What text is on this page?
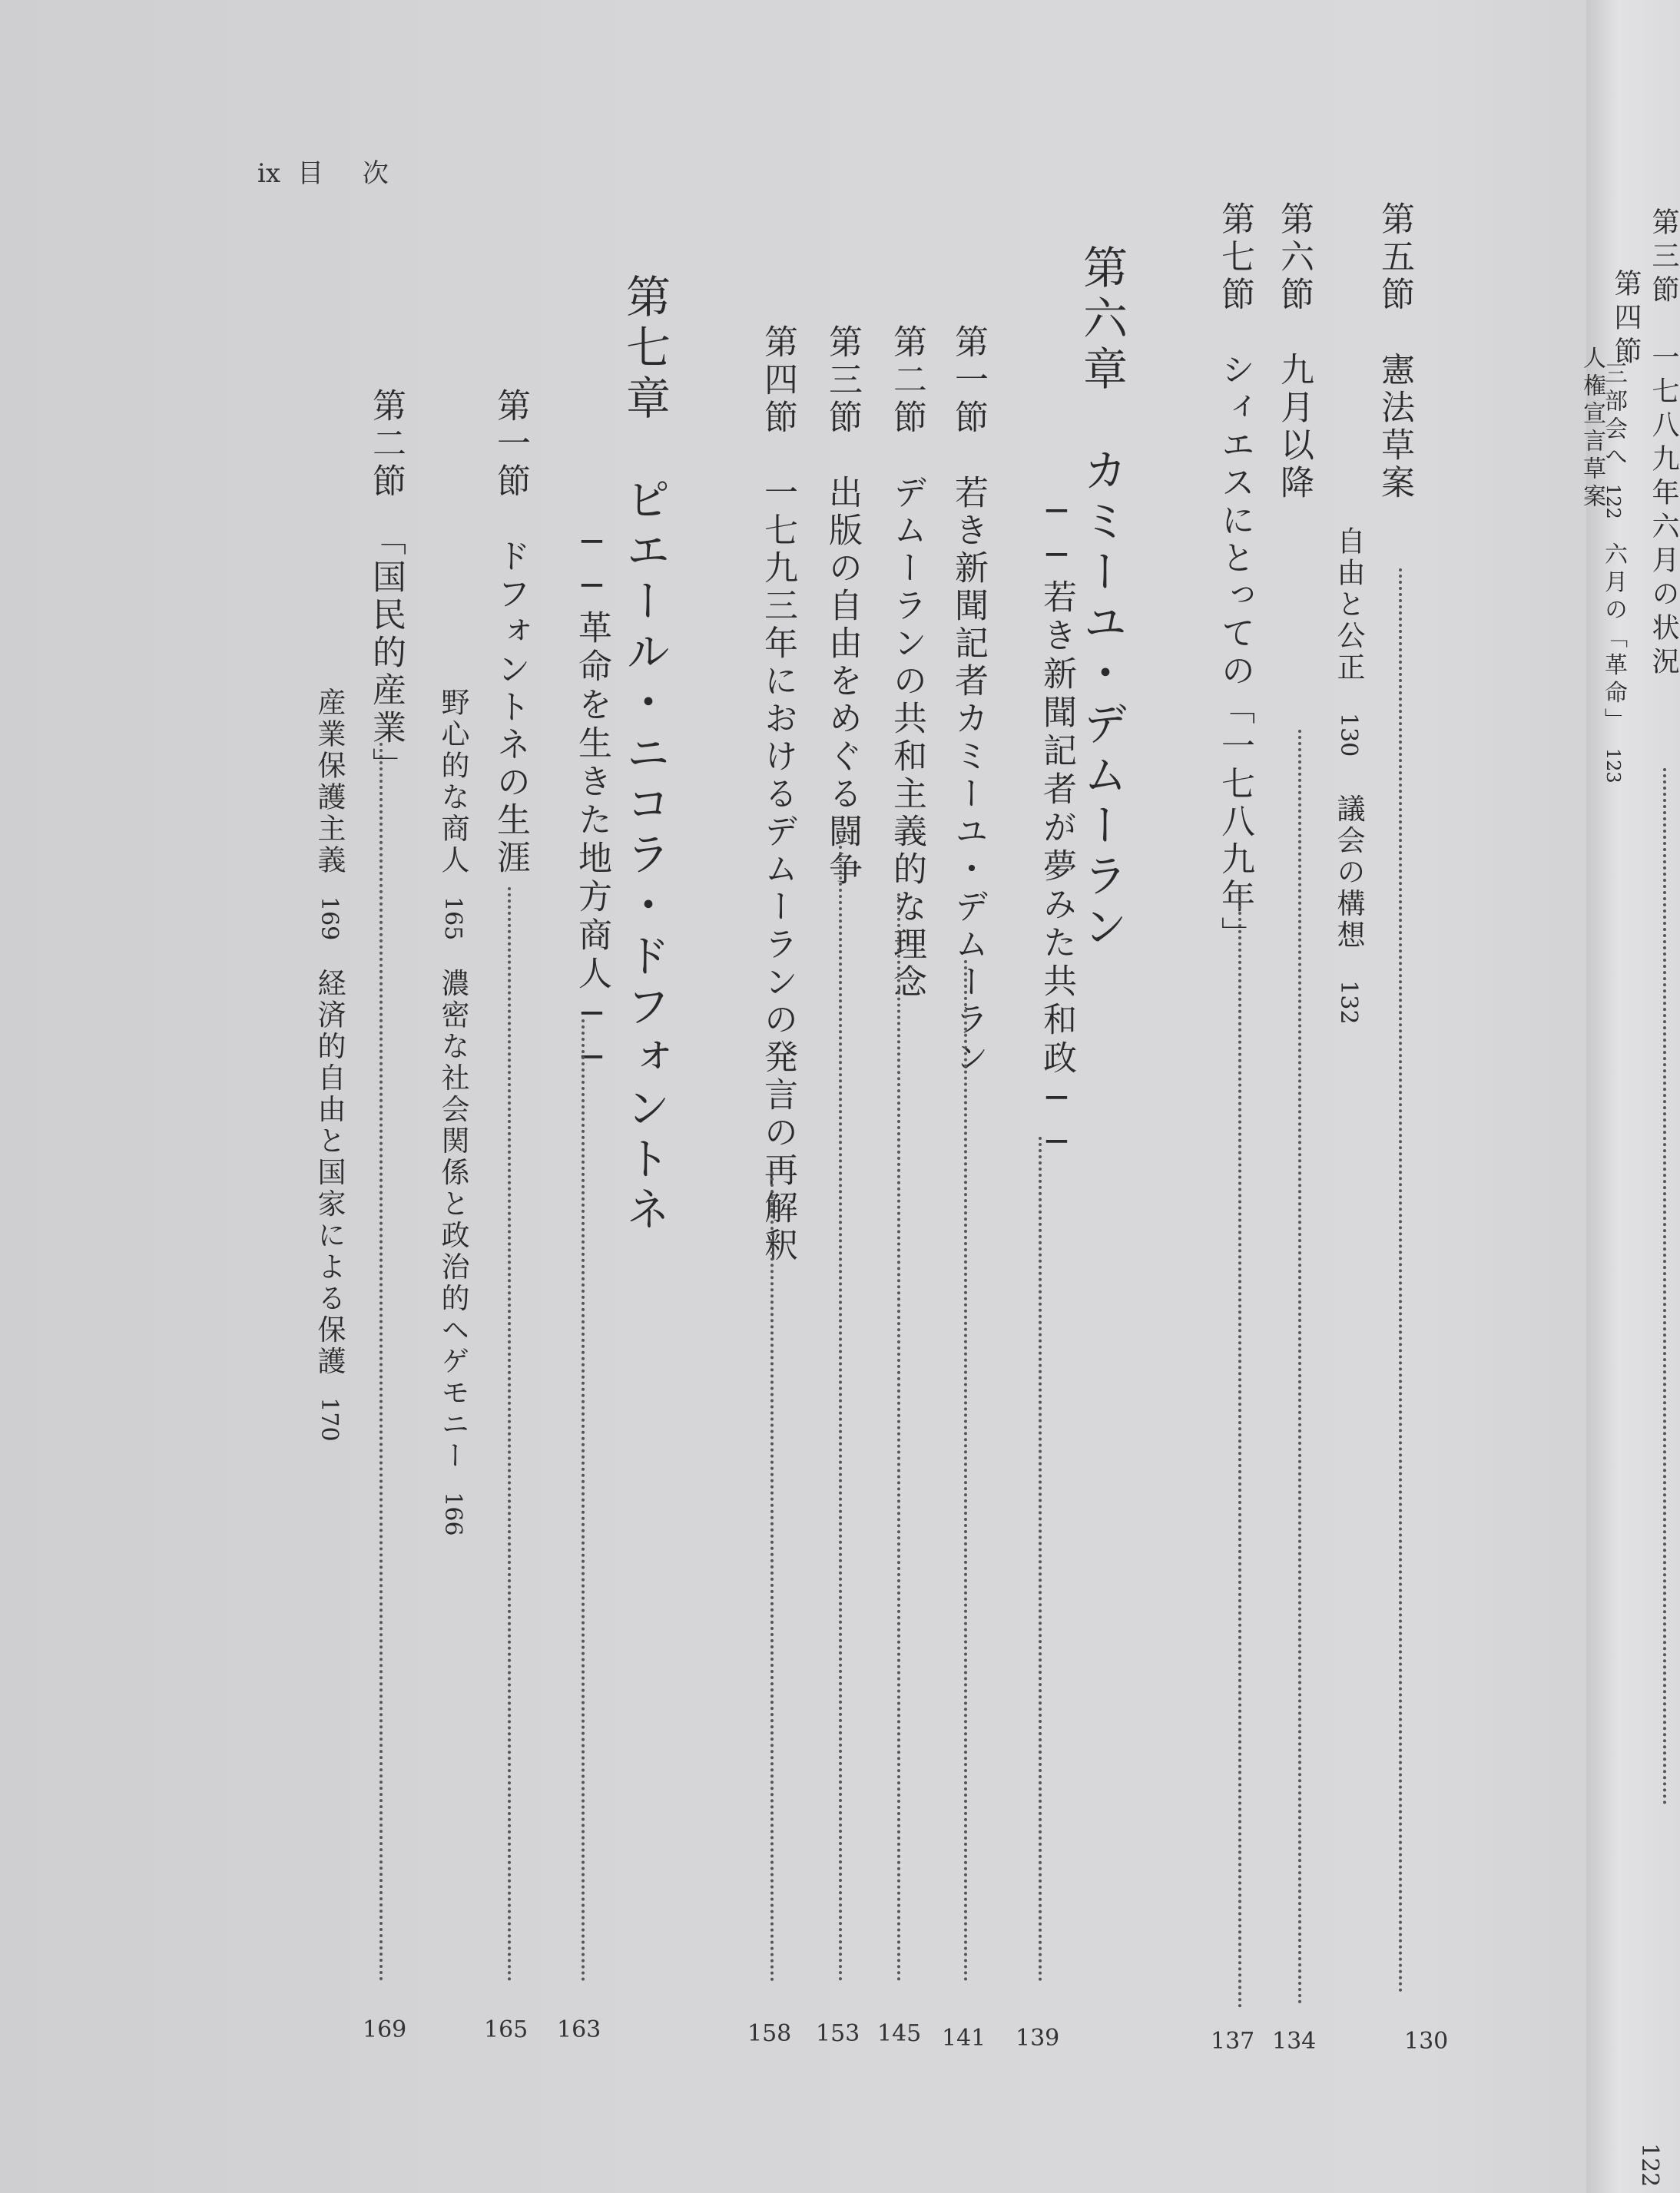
ix 目 次
第五節　憲法草案
130
自由と公正130議会の構想132
第六節　九月以降
134
第七節　シィエスにとっての「一七八九年」
137
第六章　カミーユ・デムーラン
──若き新聞記者が夢みた共和政──
139
第一節　若き新聞記者カミーユ・デムーラン
141
第二節　デムーランの共和主義的な理念
145
第三節　出版の自由をめぐる闘争
153
第四節　一七九三年におけるデムーランの発言の再解釈
158
第七章　ピエール・ニコラ・ドフォントネ
──革命を生きた地方商人──
163
第一節　ドフォントネの生涯
165
野心的な商人165濃密な社会関係と政治的ヘゲモニー166
第二節　「国民的産業」
169
産業保護主義169経済的自由と国家による保護170
第三節　一七八九年六月の状況
第四節
人権宣言草案
三部会へ122六月の「革命」123
122
